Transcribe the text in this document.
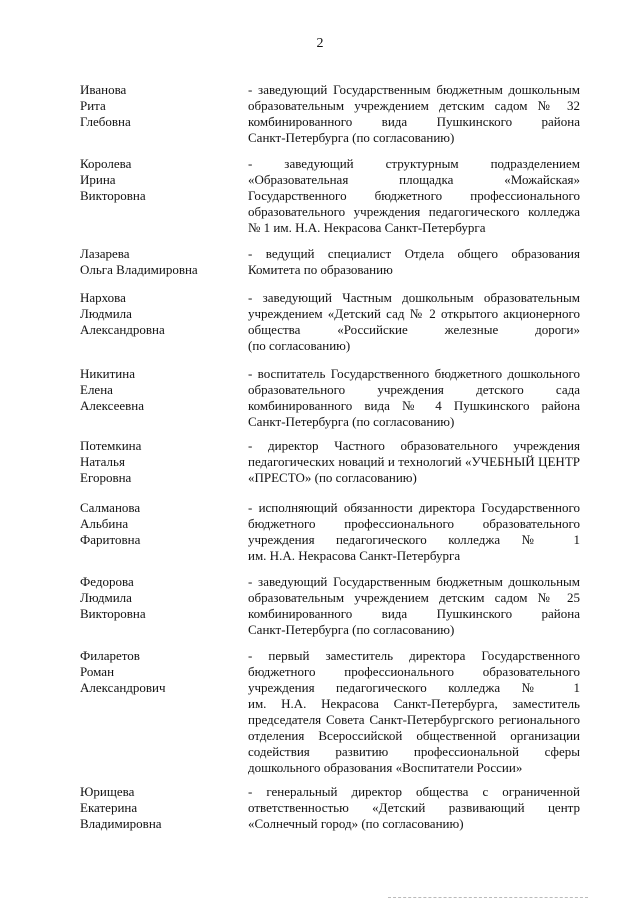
2
Иванова
Рита
Глебовна
- заведующий Государственным бюджетным дошкольным
образовательным учреждением детским садом № 32
комбинированного вида Пушкинского района
Санкт-Петербурга (по согласованию)
Королева
Ирина
Викторовна
- заведующий структурным подразделением
«Образовательная площадка «Можайская»
Государственного бюджетного профессионального
образовательного учреждения педагогического колледжа
№ 1 им. Н.А. Некрасова Санкт-Петербурга
Лазарева
Ольга Владимировна
- ведущий специалист Отдела общего образования
Комитета по образованию
Нархова
Людмила
Александровна
- заведующий Частным дошкольным образовательным
учреждением «Детский сад № 2 открытого акционерного
общества «Российские железные дороги»
(по согласованию)
Никитина
Елена
Алексеевна
- воспитатель Государственного бюджетного дошкольного
образовательного учреждения детского сада
комбинированного вида № 4 Пушкинского района
Санкт-Петербурга (по согласованию)
Потемкина
Наталья
Егоровна
- директор Частного образовательного учреждения
педагогических новаций и технологий «УЧЕБНЫЙ ЦЕНТР
«ПРЕСТО» (по согласованию)
Салманова
Альбина
Фаритовна
- исполняющий обязанности директора Государственного
бюджетного профессионального образовательного
учреждения педагогического колледжа № 1
им. Н.А. Некрасова Санкт-Петербурга
Федорова
Людмила
Викторовна
- заведующий Государственным бюджетным дошкольным
образовательным учреждением детским садом № 25
комбинированного вида Пушкинского района
Санкт-Петербурга (по согласованию)
Филаретов
Роман
Александрович
- первый заместитель директора Государственного
бюджетного профессионального образовательного
учреждения педагогического колледжа № 1
им. Н.А. Некрасова Санкт-Петербурга, заместитель
председателя Совета Санкт-Петербургского регионального
отделения Всероссийской общественной организации
содействия развитию профессиональной сферы
дошкольного образования «Воспитатели России»
Юрищева
Екатерина
Владимировна
- генеральный директор общества с ограниченной
ответственностью «Детский развивающий центр
«Солнечный город» (по согласованию)
